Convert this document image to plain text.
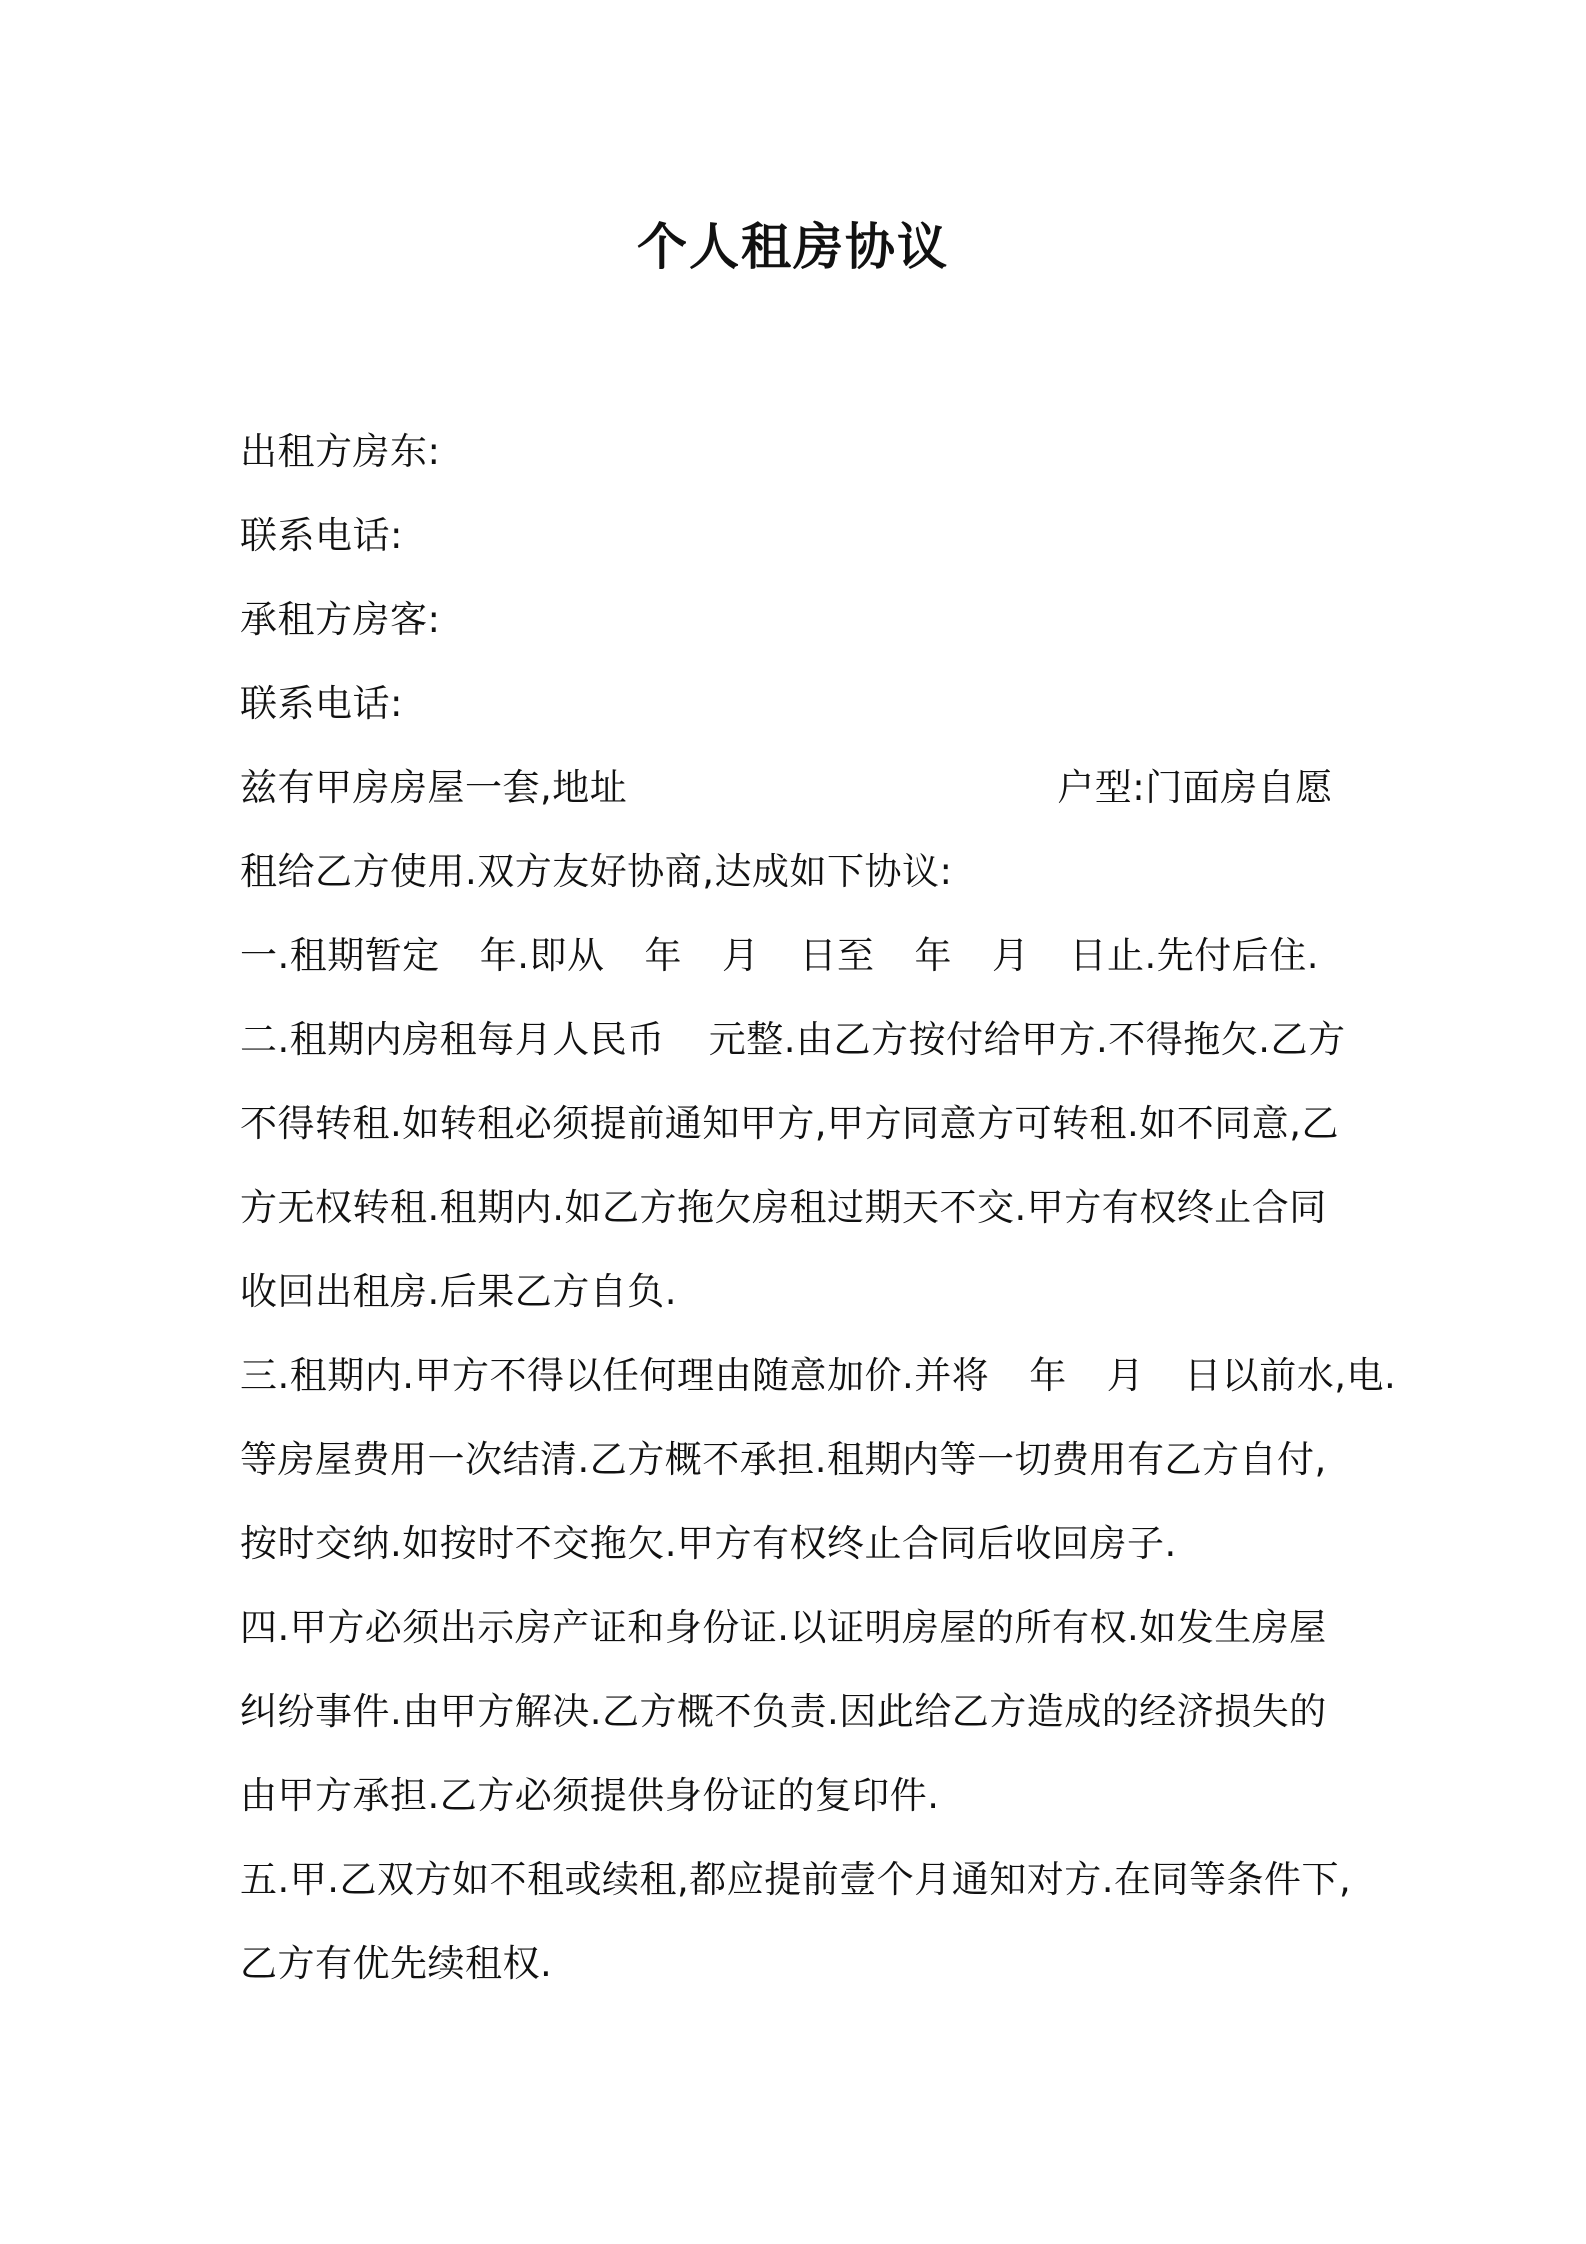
个人租房协议
出租方房东:
联系电话:
承租方房客:
联系电话:
兹有甲房房屋一套,地址	户型:门面房自愿
租给乙方使用.双方友好协商,达成如下协议:
一.租期暂定 年.即从 年 月 日至 年 月 日止.先付后住.
二.租期内房租每月人民币 元整.由乙方按付给甲方.不得拖欠.乙方
不得转租.如转租必须提前通知甲方,甲方同意方可转租.如不同意,乙
方无权转租.租期内.如乙方拖欠房租过期天不交.甲方有权终止合同
收回出租房.后果乙方自负.
三.租期内.甲方不得以任何理由随意加价.并将 年 月 日以前水,电.
等房屋费用一次结清.乙方概不承担.租期内等一切费用有乙方自付,
按时交纳.如按时不交拖欠.甲方有权终止合同后收回房子.
四.甲方必须出示房产证和身份证.以证明房屋的所有权.如发生房屋
纠纷事件.由甲方解决.乙方概不负责.因此给乙方造成的经济损失的
由甲方承担.乙方必须提供身份证的复印件.
五.甲.乙双方如不租或续租,都应提前壹个月通知对方.在同等条件下,
乙方有优先续租权.
